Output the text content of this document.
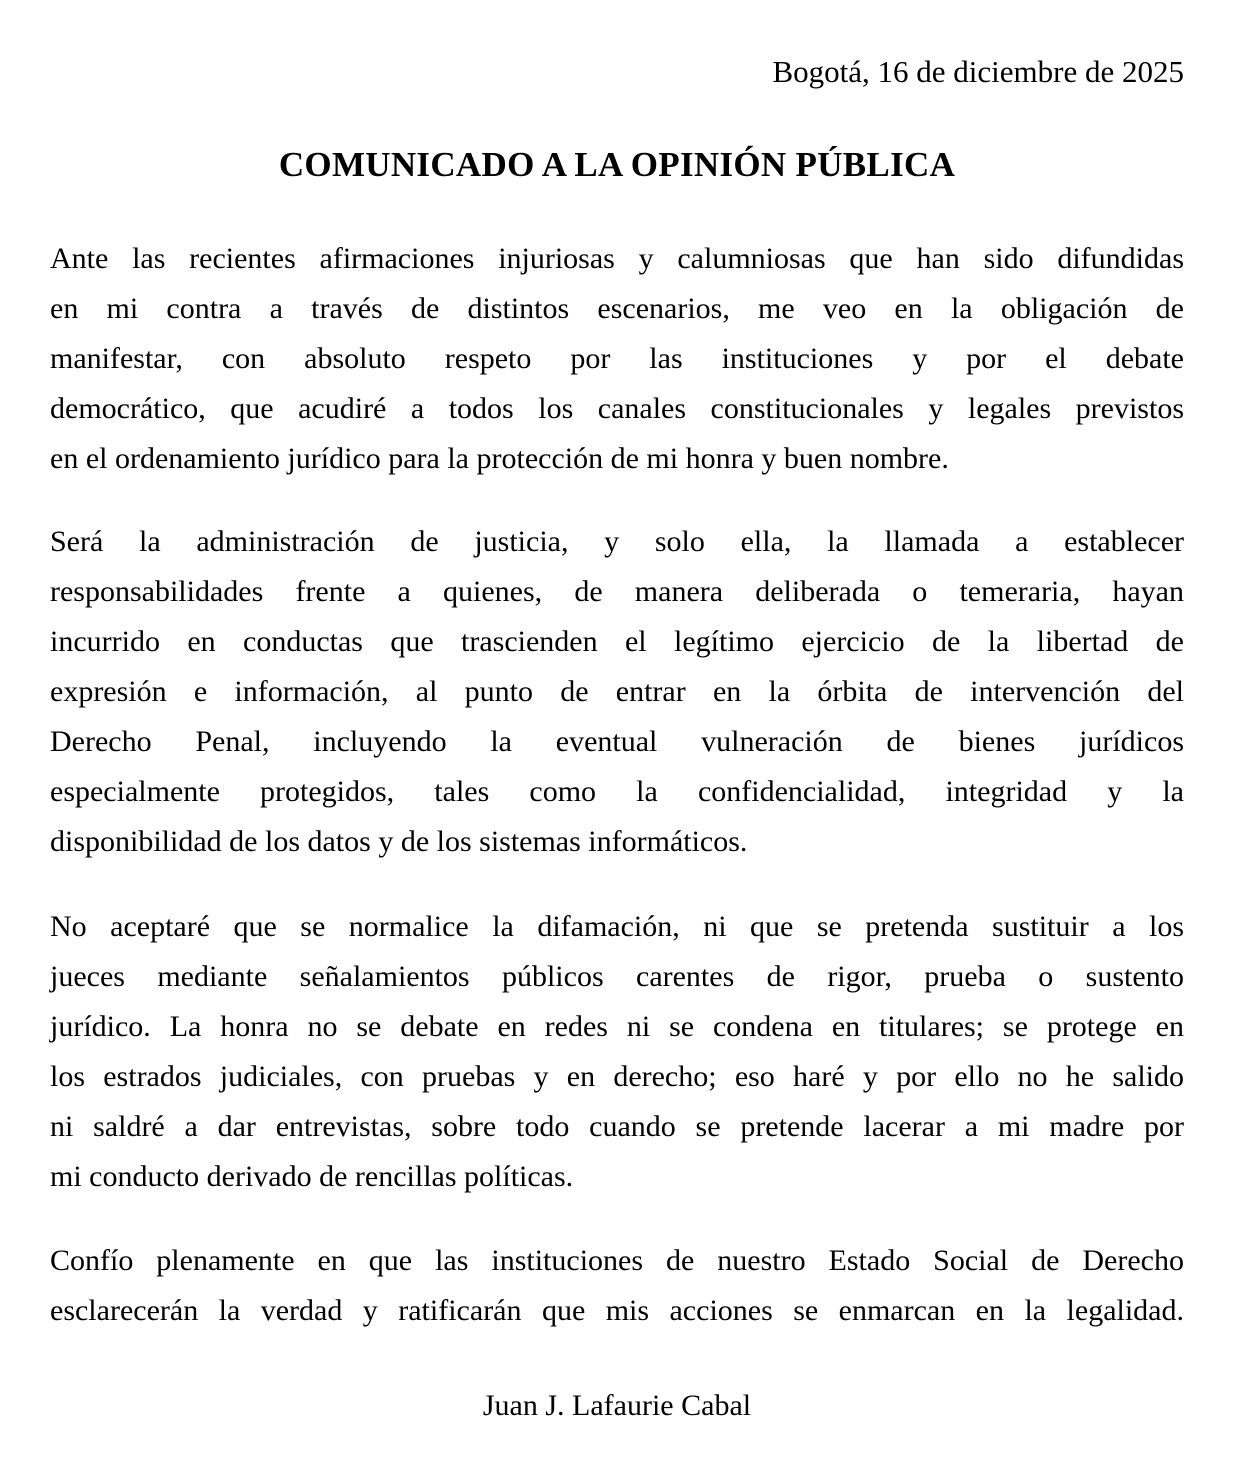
Bogotá, 16 de diciembre de 2025
COMUNICADO A LA OPINIÓN PÚBLICA
Ante las recientes afirmaciones injuriosas y calumniosas que han sido difundidas
en mi contra a través de distintos escenarios, me veo en la obligación de
manifestar, con absoluto respeto por las instituciones y por el debate
democrático, que acudiré a todos los canales constitucionales y legales previstos
en el ordenamiento jurídico para la protección de mi honra y buen nombre.
Será la administración de justicia, y solo ella, la llamada a establecer
responsabilidades frente a quienes, de manera deliberada o temeraria, hayan
incurrido en conductas que trascienden el legítimo ejercicio de la libertad de
expresión e información, al punto de entrar en la órbita de intervención del
Derecho Penal, incluyendo la eventual vulneración de bienes jurídicos
especialmente protegidos, tales como la confidencialidad, integridad y la
disponibilidad de los datos y de los sistemas informáticos.
No aceptaré que se normalice la difamación, ni que se pretenda sustituir a los
jueces mediante señalamientos públicos carentes de rigor, prueba o sustento
jurídico. La honra no se debate en redes ni se condena en titulares; se protege en
los estrados judiciales, con pruebas y en derecho; eso haré y por ello no he salido
ni saldré a dar entrevistas, sobre todo cuando se pretende lacerar a mi madre por
mi conducto derivado de rencillas políticas.
Confío plenamente en que las instituciones de nuestro Estado Social de Derecho
esclarecerán la verdad y ratificarán que mis acciones se enmarcan en la legalidad.
Juan J. Lafaurie Cabal
